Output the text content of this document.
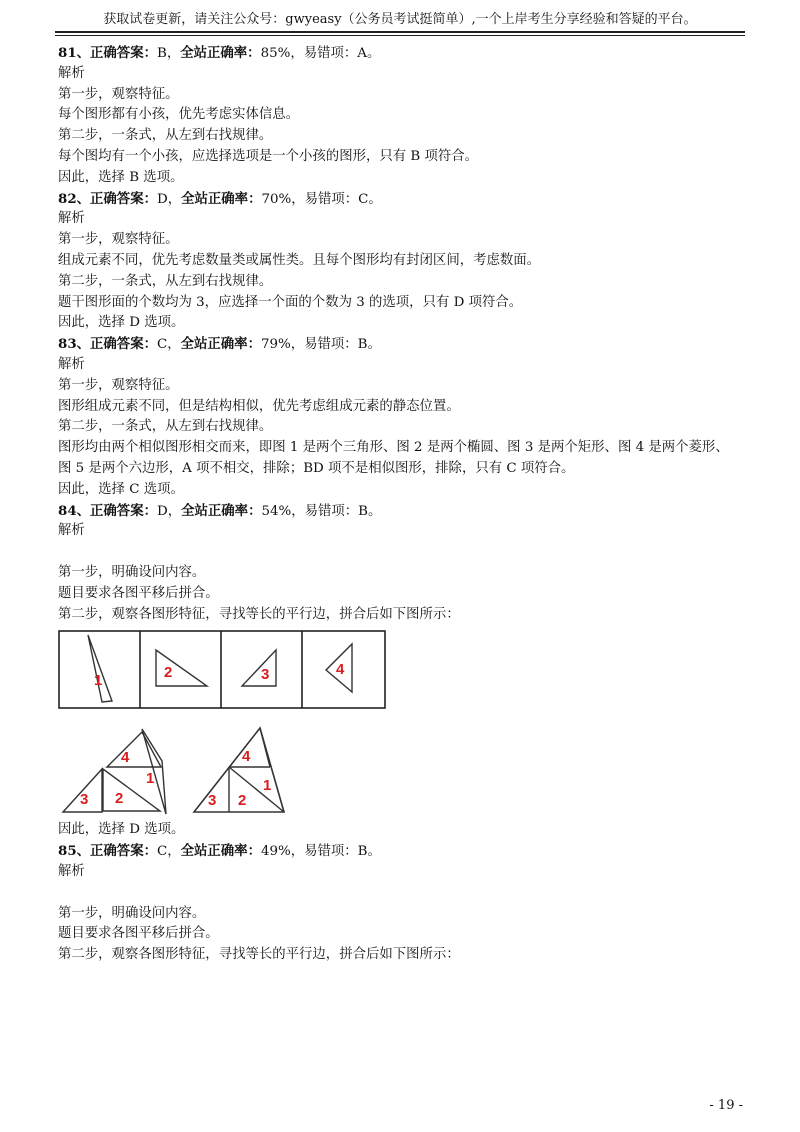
获取试卷更新，请关注公众号：gwyeasy（公务员考试挺简单）,一个上岸考生分享经验和答疑的平台。
81、正确答案：B，全站正确率：85%，易错项：A。
解析
第一步，观察特征。
每个图形都有小孩，优先考虑实体信息。
第二步，一条式，从左到右找规律。
每个图均有一个小孩，应选择选项是一个小孩的图形，只有 B 项符合。
因此，选择 B 选项。
82、正确答案：D，全站正确率：70%，易错项：C。
解析
第一步，观察特征。
组成元素不同，优先考虑数量类或属性类。且每个图形均有封闭区间，考虑数面。
第二步，一条式，从左到右找规律。
题干图形面的个数均为 3，应选择一个面的个数为 3 的选项，只有 D 项符合。
因此，选择 D 选项。
83、正确答案：C，全站正确率：79%，易错项：B。
解析
第一步，观察特征。
图形组成元素不同，但是结构相似，优先考虑组成元素的静态位置。
第二步，一条式，从左到右找规律。
图形均由两个相似图形相交而来，即图 1 是两个三角形、图 2 是两个椭圆、图 3 是两个矩形、图 4 是两个菱形、
图 5 是两个六边形，A 项不相交，排除；BD 项不是相似图形，排除，只有 C 项符合。
因此，选择 C 选项。
84、正确答案：D，全站正确率：54%，易错项：B。
解析
第一步，明确设问内容。
题目要求各图平移后拼合。
第二步，观察各图形特征，寻找等长的平行边，拼合后如下图所示：
1	2	3	4
3 2
4
1
3 2
4
1
因此，选择 D 选项。
85、正确答案：C，全站正确率：49%，易错项：B。
解析
第一步，明确设问内容。
题目要求各图平移后拼合。
第二步，观察各图形特征，寻找等长的平行边，拼合后如下图所示：
- 19 -
